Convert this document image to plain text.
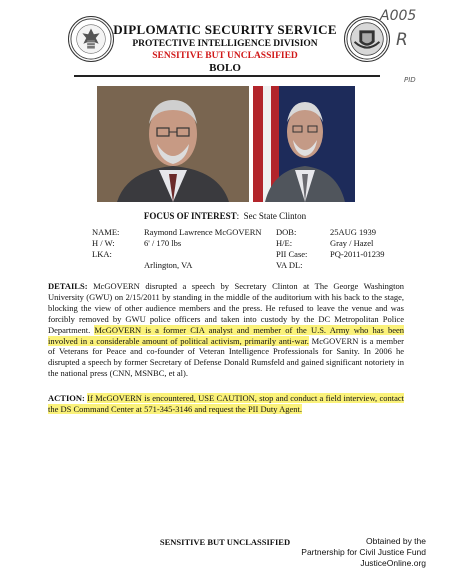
DIPLOMATIC SECURITY SERVICE
PROTECTIVE INTELLIGENCE DIVISION
SENSITIVE BUT UNCLASSIFIED
BOLO
A005
R
PID
FOCUS OF INTEREST:  Sec State Clinton
NAME:
H / W:
LKA:
Raymond Lawrence McGOVERN
6' / 170 lbs
Arlington, VA
DOB:
H/E:
PII Case:
VA DL:
25AUG 1939
Gray / Hazel
PQ-2011-01239
DETAILS: McGOVERN disrupted a speech by Secretary Clinton at The George Washington University (GWU) on 2/15/2011 by standing in the middle of the auditorium with his back to the stage, blocking the view of other audience members and the press. He refused to leave the venue and was forcibly removed by GWU police officers and taken into custody by the DC Metropolitan Police Department. McGOVERN is a former CIA analyst and member of the U.S. Army who has been involved in a considerable amount of political activism, primarily anti-war. McGOVERN is a member of Veterans for Peace and co-founder of Veteran Intelligence Professionals for Sanity. In 2006 he disrupted a speech by former Secretary of Defense Donald Rumsfeld and gained significant notoriety in the national press (CNN, MSNBC, et al).
ACTION: If McGOVERN is encountered, USE CAUTION, stop and conduct a field interview, contact the DS Command Center at 571-345-3146 and request the PII Duty Agent.
SENSITIVE BUT UNCLASSIFIED	Obtained by the
Partnership for Civil Justice Fund
JusticeOnline.org
